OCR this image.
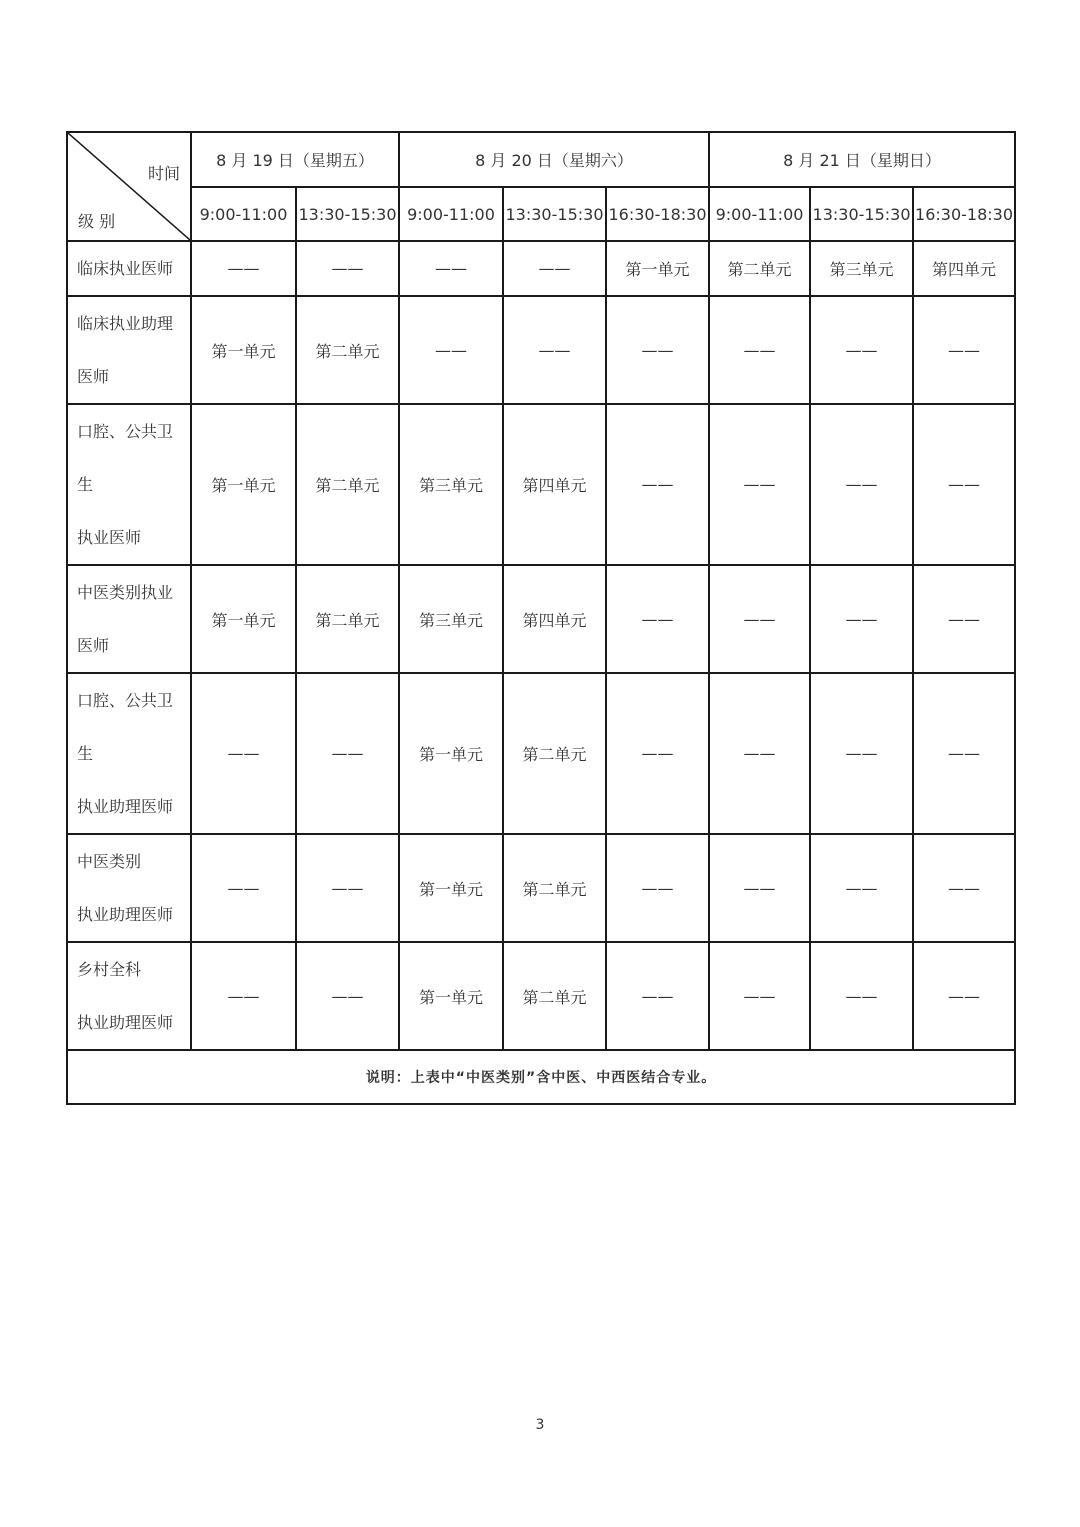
时间
级 别	8 月 19 日（星期五）		8 月 20 日（星期六）			8 月 21 日（星期日）		
	9:00-11:00	13:30-15:30	9:00-11:00	13:30-15:30	16:30-18:30	9:00-11:00	13:30-15:30	16:30-18:30

临床执业医师	——	——	——	——	第一单元	第二单元	第三单元	第四单元

临床执业助理
医师	第一单元	第二单元	——	——	——	——	——	——

口腔、公共卫
生
执业医师	第一单元	第二单元	第三单元	第四单元	——	——	——	——

中医类别执业
医师	第一单元	第二单元	第三单元	第四单元	——	——	——	——

口腔、公共卫
生
执业助理医师	——	——	第一单元	第二单元	——	——	——	——

中医类别
执业助理医师	——	——	第一单元	第二单元	——	——	——	——

乡村全科
执业助理医师	——	——	第一单元	第二单元	——	——	——	——
说明：上表中“中医类别”含中医、中西医结合专业。								
3
